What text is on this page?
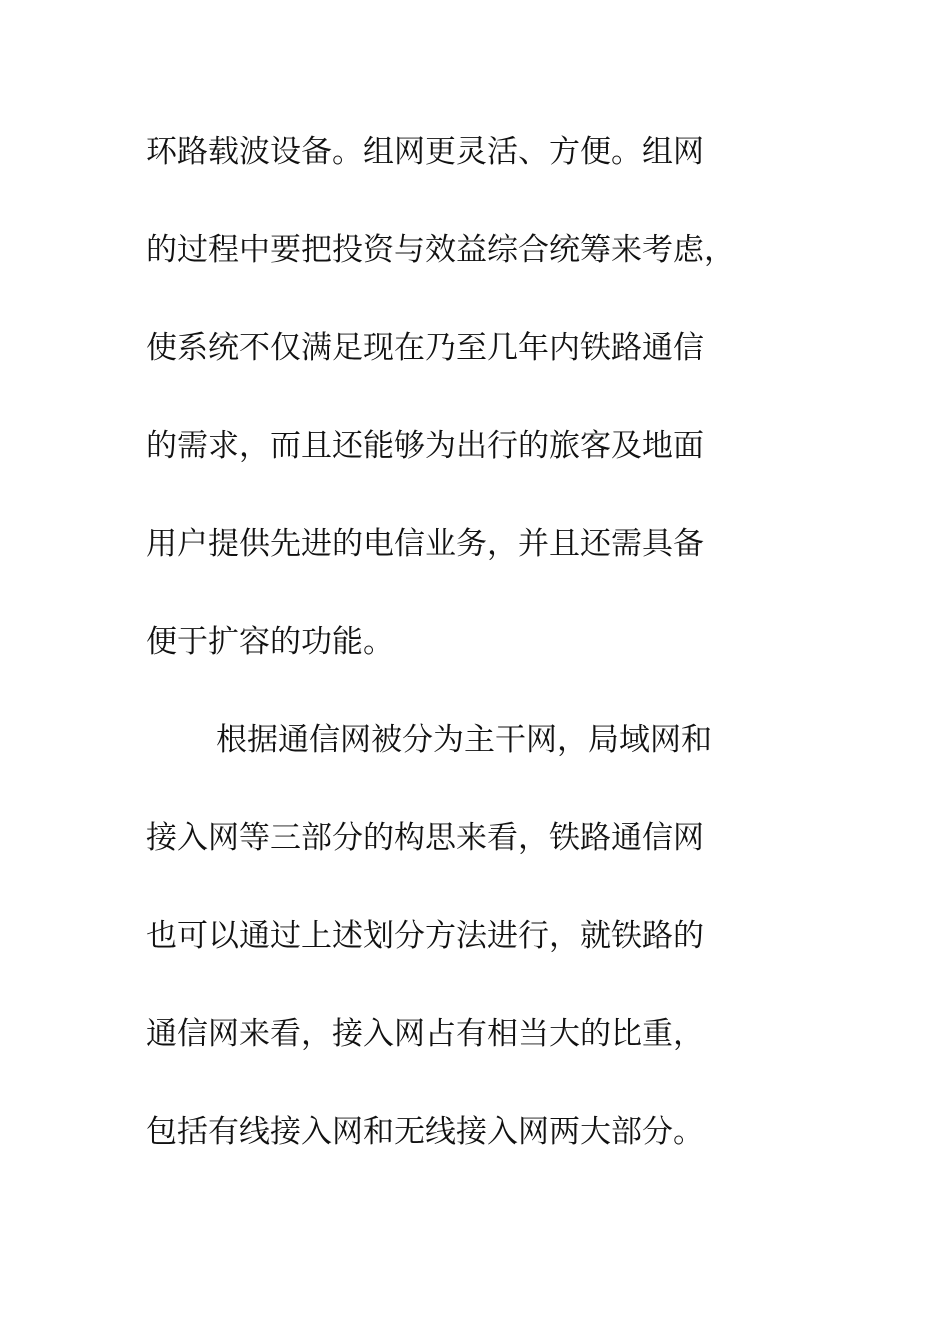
环路载波设备。组网更灵活、方便。组网
的过程中要把投资与效益综合统筹来考虑，
使系统不仅满足现在乃至几年内铁路通信
的需求，而且还能够为出行的旅客及地面
用户提供先进的电信业务，并且还需具备
便于扩容的功能。
根据通信网被分为主干网，局域网和
接入网等三部分的构思来看，铁路通信网
也可以通过上述划分方法进行，就铁路的
通信网来看，接入网占有相当大的比重，
包括有线接入网和无线接入网两大部分。
